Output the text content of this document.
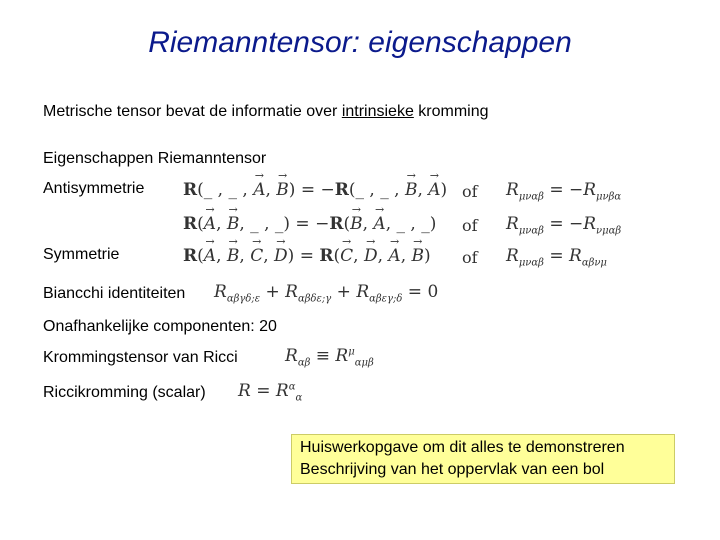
Riemanntensor: eigenschappen
Metrische tensor bevat de informatie over intrinsieke kromming
Eigenschappen Riemanntensor
Antisymmetrie R(_ , _ , → A, → B) = −R(_ , _ , → B, → A) of $R_{\mu\nu\alpha\beta} = -R_{\mu\nu\beta\alpha}$
R(→ A, → B, _ , _) = −R(→ B, → A, _ , _) of $R_{\mu\nu\alpha\beta} = -R_{\nu\mu\alpha\beta}$
Symmetrie	R(→ A, → B, → C, → D) = R(→ C, → D, → A, → B) of $R_{\mu\nu\alpha\beta} = R_{\alpha\beta\nu\mu}$
Biancchi identiteiten $R_{\alpha\beta\gamma\delta;\varepsilon} + R_{\alpha\beta\delta\varepsilon;\gamma} + R_{\alpha\beta\varepsilon\gamma;\delta} = 0$
Onafhankelijke componenten: 20
Krommingstensor van Ricci	$R_{\alpha\beta} \equiv R^\mu_{\alpha\mu\beta}$
Riccikromming (scalar) $R = R^\alpha_\alpha$
Huiswerkopgave om dit alles te demonstreren
Beschrijving van het oppervlak van een bol
